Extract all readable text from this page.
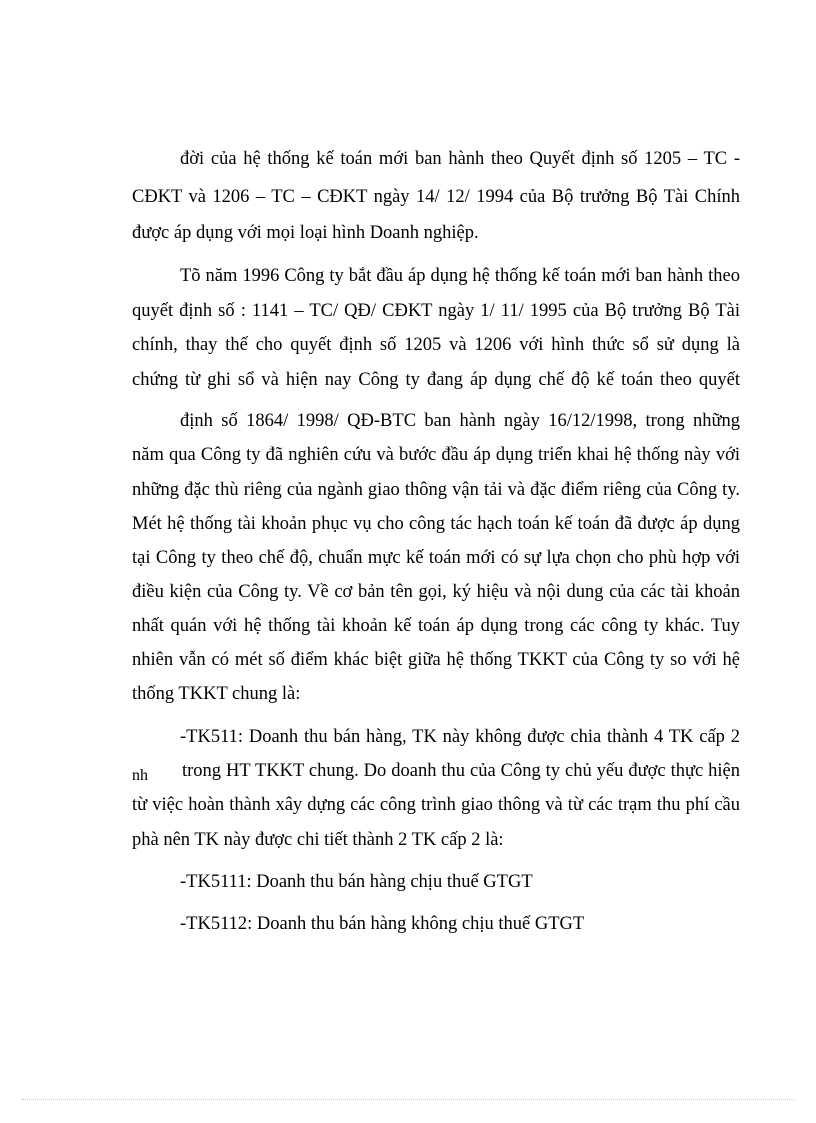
đời của hệ thống kế toán mới ban hành theo Quyết định số 1205 – TC -

CĐKT và 1206 – TC – CĐKT ngày 14/ 12/ 1994 của Bộ trưởng Bộ Tài Chính

được áp dụng với mọi loại hình Doanh nghiệp.

Tõ năm 1996 Công ty bắt đầu áp dụng hệ thống kế toán mới ban hành theo

quyết định số : 1141 – TC/ QĐ/ CĐKT ngày 1/ 11/ 1995 của Bộ trưởng Bộ Tài

chính, thay thế cho quyết định số 1205 và 1206 với hình thức sổ sử dụng là

chứng từ ghi sổ và hiện nay Công ty đang áp dụng chế độ kế toán theo quyết

định số 1864/ 1998/ QĐ-BTC ban hành ngày 16/12/1998, trong những

năm qua Công ty đã nghiên cứu và bước đầu áp dụng triển khai hệ thống này với

những đặc thù riêng của ngành giao thông vận tải và đặc điểm riêng của Công ty.

Mét hệ thống tài khoản phục vụ cho công tác hạch toán kế toán đã được áp dụng

tại Công ty theo chế độ, chuẩn mực kế toán mới có sự lựa chọn cho phù hợp với

điều kiện của Công ty. Về cơ bản tên gọi, ký hiệu và nội dung của các tài khoản

nhất quán với hệ thống tài khoản kế toán áp dụng trong các công ty khác. Tuy

nhiên vẫn có mét số điểm khác biệt giữa hệ thống TKKT của Công ty so với hệ

thống TKKT chung là:

-TK511: Doanh thu bán hàng, TK này không được chia thành 4 TK cấp 2

nh	trong HT TKKT chung. Do doanh thu của Công ty chủ yếu được thực hiện

từ việc hoàn thành xây dựng các công trình giao thông và từ các trạm thu phí cầu

phà nên TK này được chi tiết thành 2 TK cấp 2 là:

-TK5111: Doanh thu bán hàng chịu thuế GTGT

-TK5112: Doanh thu bán hàng không chịu thuế GTGT
